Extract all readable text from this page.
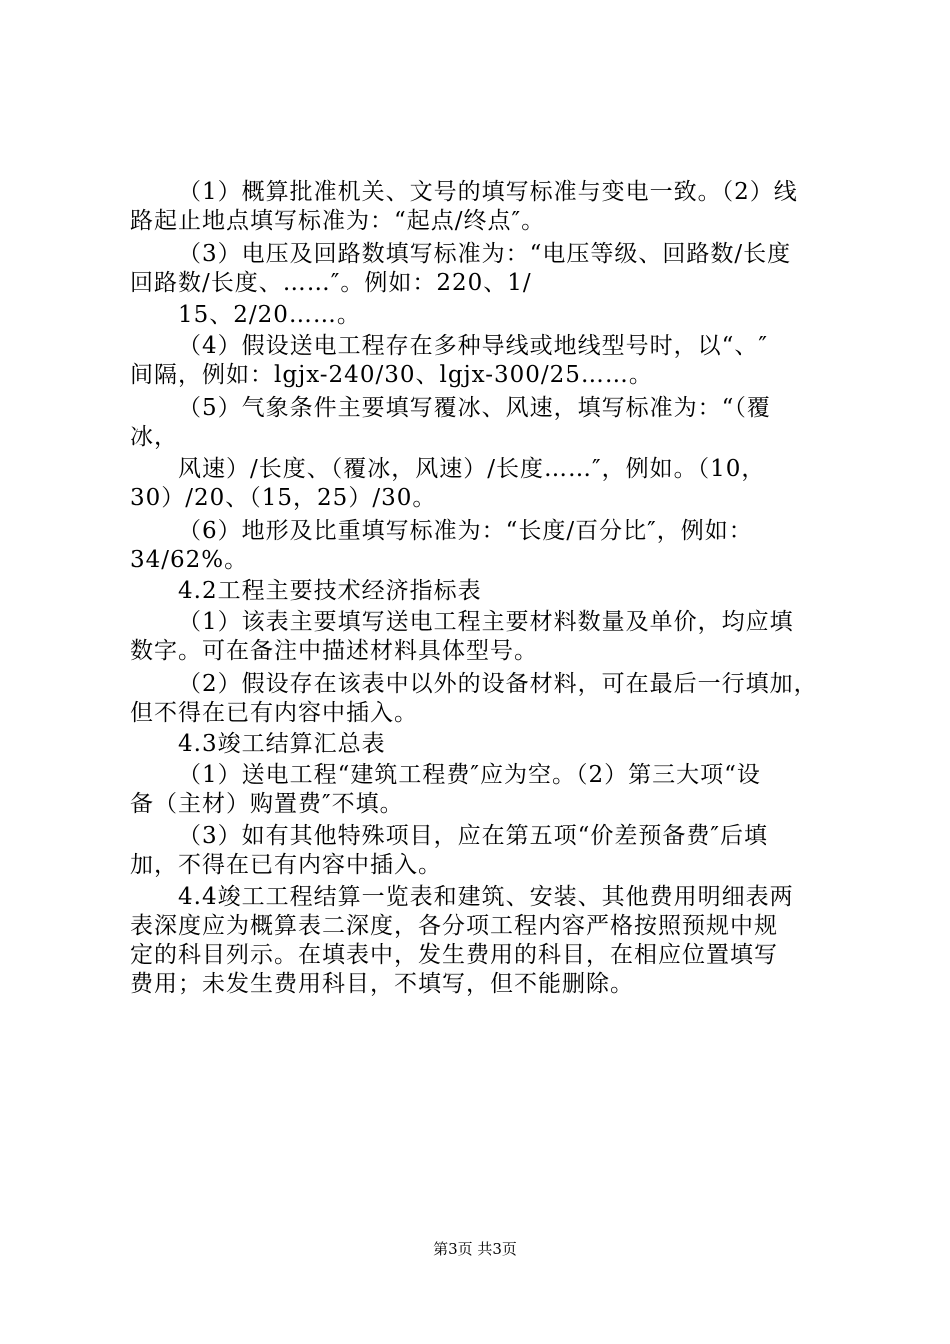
（1）概算批准机关、文号的填写标准与变电一致。（2）线
路起止地点填写标准为：“起点/终点″。
（3）电压及回路数填写标准为：“电压等级、回路数/长度
回路数/长度、……″。例如：220、1/
15、2/20……。
（4）假设送电工程存在多种导线或地线型号时，以“、″
间隔，例如：lgjx-240/30、lgjx-300/25……。
（5）气象条件主要填写覆冰、风速，填写标准为：“（覆
冰，
风速）/长度、（覆冰，风速）/长度……″，例如。（10，
30）/20、（15，25）/30。
（6）地形及比重填写标准为：“长度/百分比″，例如：
34/62%。
4.2工程主要技术经济指标表
（1）该表主要填写送电工程主要材料数量及单价，均应填
数字。可在备注中描述材料具体型号。
（2）假设存在该表中以外的设备材料，可在最后一行填加，
但不得在已有内容中插入。
4.3竣工结算汇总表
（1）送电工程“建筑工程费″应为空。（2）第三大项“设
备（主材）购置费″不填。
（3）如有其他特殊项目，应在第五项“价差预备费″后填
加，不得在已有内容中插入。
4.4竣工工程结算一览表和建筑、安装、其他费用明细表两
表深度应为概算表二深度，各分项工程内容严格按照预规中规
定的科目列示。在填表中，发生费用的科目，在相应位置填写
费用；未发生费用科目，不填写，但不能删除。
第3页 共3页
